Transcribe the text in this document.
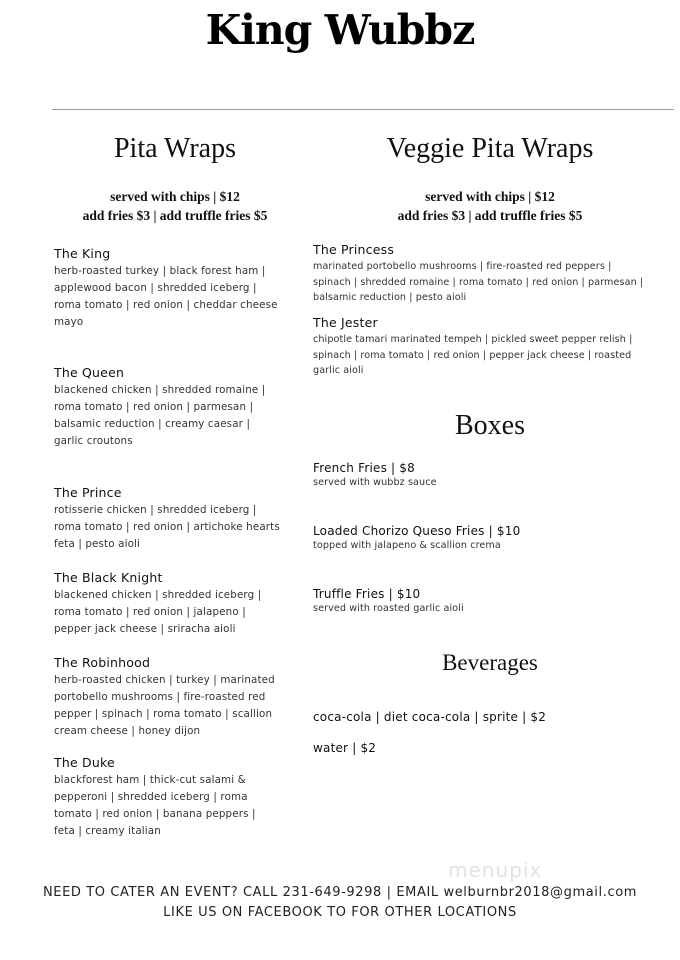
King Wubbz
Pita Wraps
served with chips | $12
add fries $3 | add truffle fries $5
The King
herb-roasted turkey | black forest ham |
applewood bacon | shredded iceberg |
roma tomato | red onion | cheddar cheese
mayo
The Queen
blackened chicken | shredded romaine |
roma tomato | red onion | parmesan |
balsamic reduction | creamy caesar |
garlic croutons
The Prince
rotisserie chicken | shredded iceberg |
roma tomato | red onion | artichoke hearts
feta | pesto aioli
The Black Knight
blackened chicken | shredded iceberg |
roma tomato | red onion | jalapeno |
pepper jack cheese | sriracha aioli
The Robinhood
herb-roasted chicken | turkey | marinated
portobello mushrooms | fire-roasted red
pepper | spinach | roma tomato | scallion
cream cheese | honey dijon
The Duke
blackforest ham | thick-cut salami &
pepperoni | shredded iceberg | roma
tomato | red onion | banana peppers |
feta | creamy italian
Veggie Pita Wraps
served with chips | $12
add fries $3 | add truffle fries $5
The Princess
marinated portobello mushrooms | fire-roasted red peppers |
spinach | shredded romaine | roma tomato | red onion | parmesan |
balsamic reduction | pesto aioli
The Jester
chipotle tamari marinated tempeh | pickled sweet pepper relish |
spinach | roma tomato | red onion | pepper jack cheese | roasted
garlic aioli
Boxes
French Fries | $8
served with wubbz sauce
Loaded Chorizo Queso Fries | $10
topped with jalapeno & scallion crema
Truffle Fries | $10
served with roasted garlic aioli
Beverages
coca-cola | diet coca-cola | sprite | $2
water | $2
menupix
NEED TO CATER AN EVENT? CALL 231-649-9298 | EMAIL welburnbr2018@gmail.com
LIKE US ON FACEBOOK TO FOR OTHER LOCATIONS
